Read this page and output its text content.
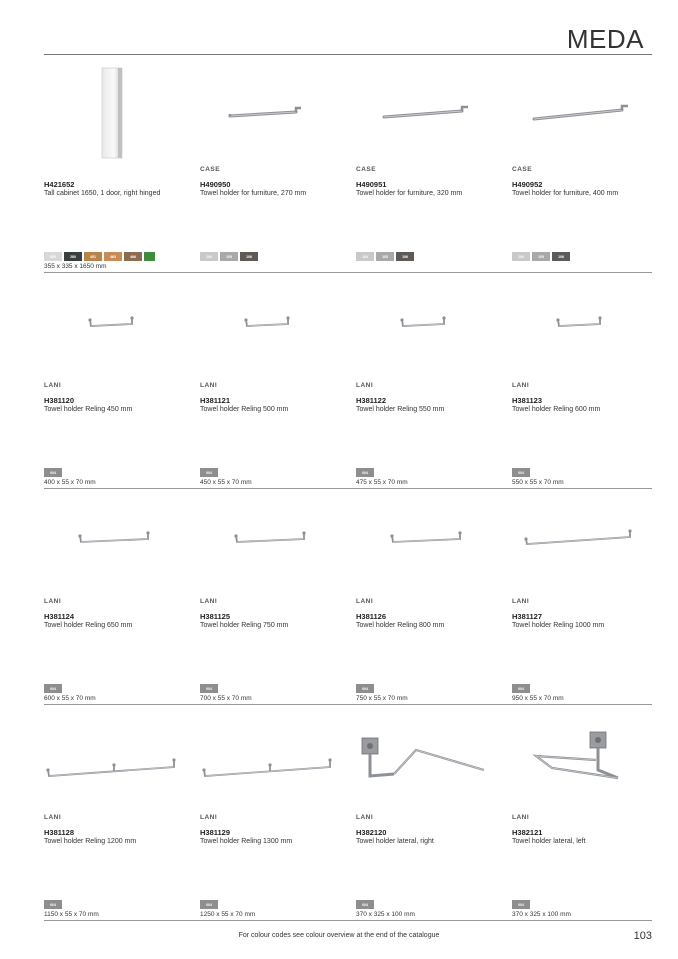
MEDA
H421652
Tall cabinet 1650, 1 door, right hinged
355 x 335 x 1650 mm
000	280	451	463	466
CASE
H490950
Towel holder for furniture, 270 mm
104	105	106
CASE
H490951
Towel holder for furniture, 320 mm
104	105	106
CASE
H490952
Towel holder for furniture, 400 mm
104	105	106
LANI
H381120
Towel holder Reling 450 mm
400 x 55 x 70 mm
004
LANI
H381121
Towel holder Reling 500 mm
450 x 55 x 70 mm
004
LANI
H381122
Towel holder Reling 550 mm
475 x 55 x 70 mm
004
LANI
H381123
Towel holder Reling 600 mm
550 x 55 x 70 mm
004
LANI
H381124
Towel holder Reling 650 mm
600 x 55 x 70 mm
004
LANI
H381125
Towel holder Reling 750 mm
700 x 55 x 70 mm
004
LANI
H381126
Towel holder Reling 800 mm
750 x 55 x 70 mm
004
LANI
H381127
Towel holder Reling 1000 mm
950 x 55 x 70 mm
004
LANI
H381128
Towel holder Reling 1200 mm
1150 x 55 x 70 mm
004
LANI
H381129
Towel holder Reling 1300 mm
1250 x 55 x 70 mm
004
LANI
H382120
Towel holder lateral, right
370 x 325 x 100 mm
004
LANI
H382121
Towel holder lateral, left
370 x 325 x 100 mm
004
For colour codes see colour overview at the end of the catalogue	103
